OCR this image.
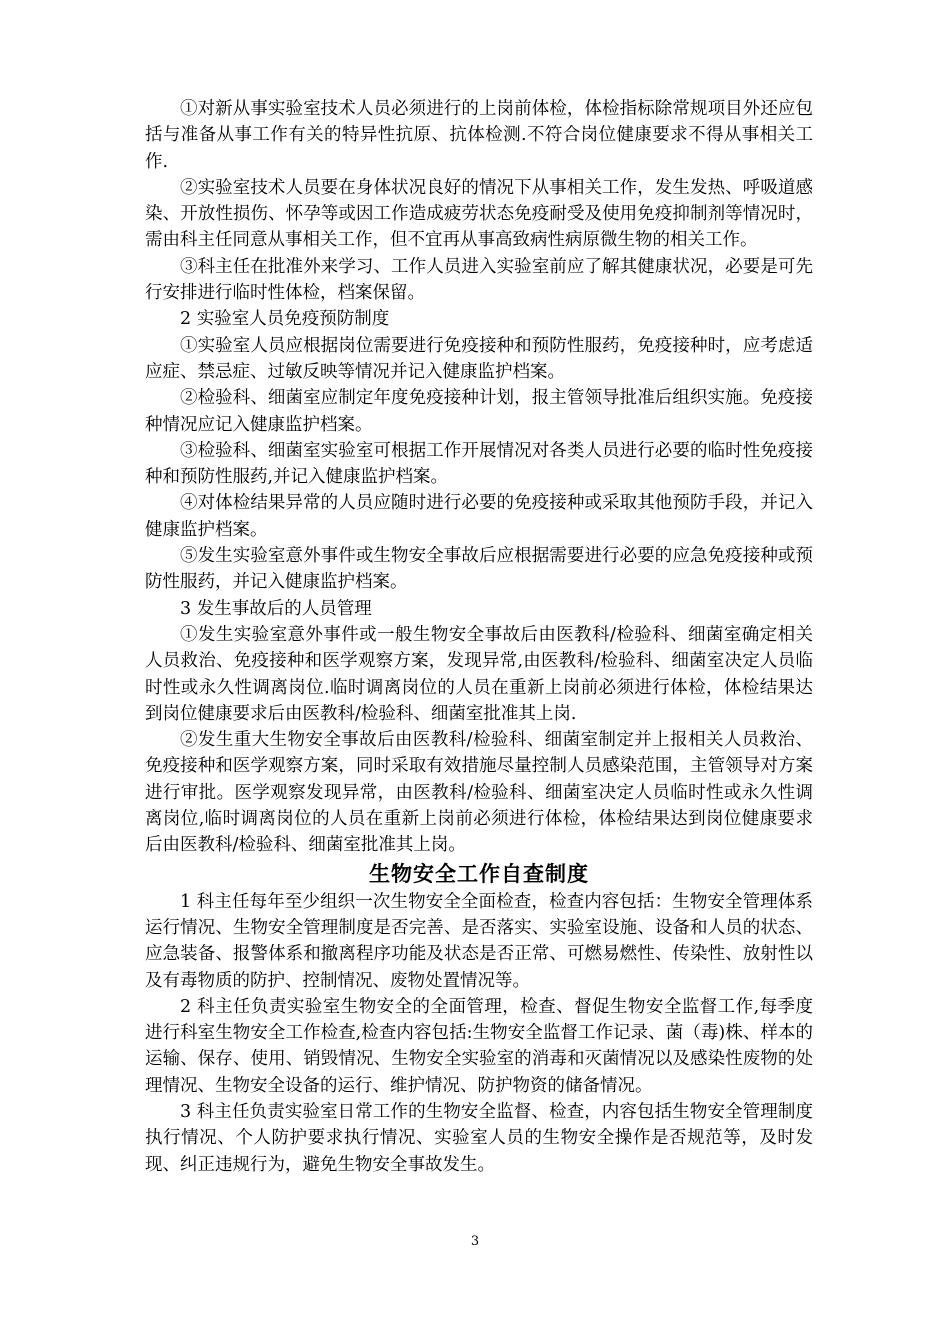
①对新从事实验室技术人员必须进行的上岗前体检，体检指标除常规项目外还应包括与准备从事工作有关的特异性抗原、抗体检测.不符合岗位健康要求不得从事相关工作.

②实验室技术人员要在身体状况良好的情况下从事相关工作，发生发热、呼吸道感染、开放性损伤、怀孕等或因工作造成疲劳状态免疫耐受及使用免疫抑制剂等情况时，需由科主任同意从事相关工作，但不宜再从事高致病性病原微生物的相关工作。

③科主任在批准外来学习、工作人员进入实验室前应了解其健康状况，必要是可先行安排进行临时性体检，档案保留。

2 实验室人员免疫预防制度

①实验室人员应根据岗位需要进行免疫接种和预防性服药，免疫接种时，应考虑适应症、禁忌症、过敏反映等情况并记入健康监护档案。

②检验科、细菌室应制定年度免疫接种计划，报主管领导批准后组织实施。免疫接种情况应记入健康监护档案。

③检验科、细菌室实验室可根据工作开展情况对各类人员进行必要的临时性免疫接种和预防性服药,并记入健康监护档案。

④对体检结果异常的人员应随时进行必要的免疫接种或采取其他预防手段，并记入健康监护档案。

⑤发生实验室意外事件或生物安全事故后应根据需要进行必要的应急免疫接种或预防性服药，并记入健康监护档案。

3 发生事故后的人员管理

①发生实验室意外事件或一般生物安全事故后由医教科/检验科、细菌室确定相关人员救治、免疫接种和医学观察方案，发现异常,由医教科/检验科、细菌室决定人员临时性或永久性调离岗位.临时调离岗位的人员在重新上岗前必须进行体检，体检结果达到岗位健康要求后由医教科/检验科、细菌室批准其上岗.

②发生重大生物安全事故后由医教科/检验科、细菌室制定并上报相关人员救治、免疫接种和医学观察方案，同时采取有效措施尽量控制人员感染范围，主管领导对方案进行审批。医学观察发现异常，由医教科/检验科、细菌室决定人员临时性或永久性调离岗位,临时调离岗位的人员在重新上岗前必须进行体检，体检结果达到岗位健康要求后由医教科/检验科、细菌室批准其上岗。

生物安全工作自查制度

1 科主任每年至少组织一次生物安全全面检查，检查内容包括：生物安全管理体系运行情况、生物安全管理制度是否完善、是否落实、实验室设施、设备和人员的状态、应急装备、报警体系和撤离程序功能及状态是否正常、可燃易燃性、传染性、放射性以及有毒物质的防护、控制情况、废物处置情况等。

2 科主任负责实验室生物安全的全面管理，检查、督促生物安全监督工作,每季度进行科室生物安全工作检查,检查内容包括:生物安全监督工作记录、菌（毒)株、样本的运输、保存、使用、销毁情况、生物安全实验室的消毒和灭菌情况以及感染性废物的处理情况、生物安全设备的运行、维护情况、防护物资的储备情况。

3 科主任负责实验室日常工作的生物安全监督、检查，内容包括生物安全管理制度执行情况、个人防护要求执行情况、实验室人员的生物安全操作是否规范等，及时发现、纠正违规行为，避免生物安全事故发生。

3
